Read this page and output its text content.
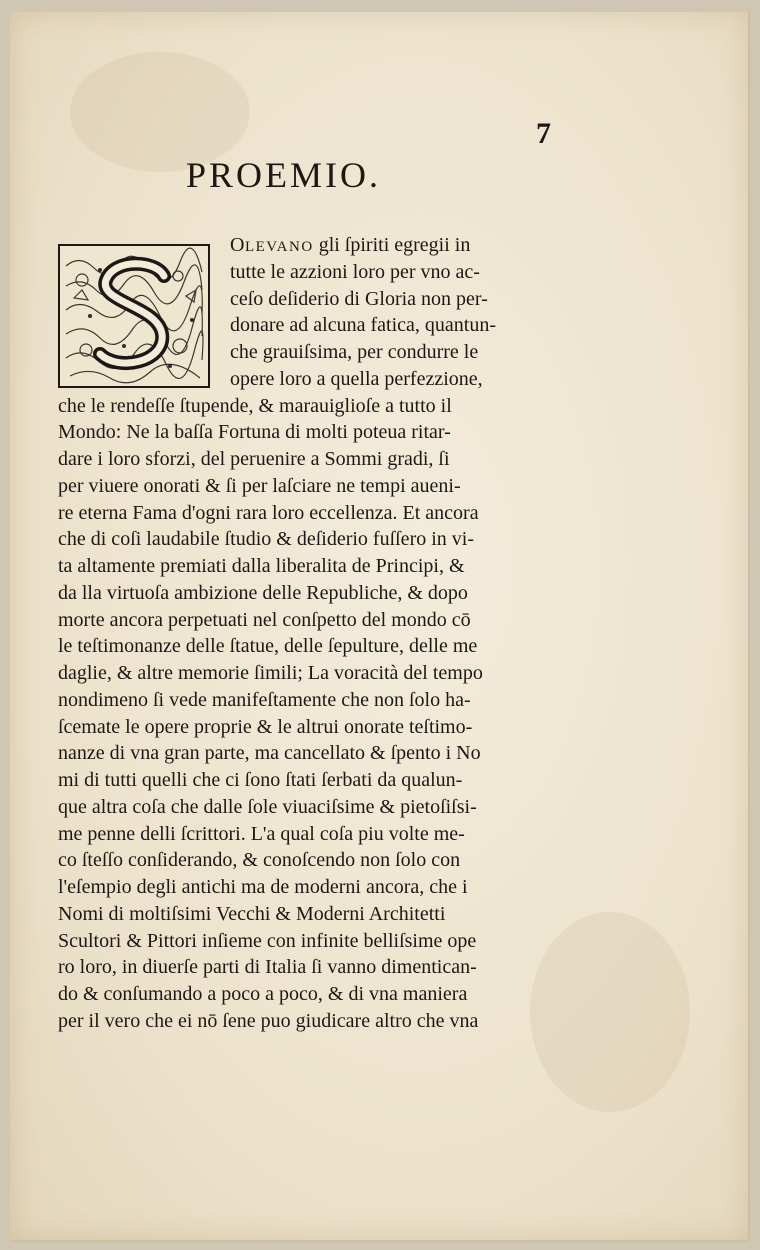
7
PROEMIO.
OLEVANO gli ſpiriti egregii in
tutte le azzioni loro per vno ac-
ceſo deſiderio di Gloria non per-
donare ad alcuna fatica, quantun-
che grauiſsima, per condurre le
opere loro a quella perfezzione,
che le rendeſſe ſtupende, & marauiglioſe a tutto il
Mondo: Ne la baſſa Fortuna di molti poteua ritar-
dare i loro sforzi, del peruenire a Sommi gradi, ſi
per viuere onorati & ſi per laſciare ne tempi aueni-
re eterna Fama d'ogni rara loro eccellenza. Et ancora
che di coſi laudabile ſtudio & deſiderio fuſſero in vi-
ta altamente premiati dalla liberalita de Principi, &
da lla virtuoſa ambizione delle Republiche, & dopo
morte ancora perpetuati nel conſpetto del mondo cō
le teſtimonanze delle ſtatue, delle ſepulture, delle me
daglie, & altre memorie ſimili; La voracità del tempo
nondimeno ſi vede manifeſtamente che non ſolo ha-
ſcemate le opere proprie & le altrui onorate teſtimo-
nanze di vna gran parte, ma cancellato & ſpento i No
mi di tutti quelli che ci ſono ſtati ſerbati da qualun-
que altra coſa che dalle ſole viuaciſsime & pietoſiſsi-
me penne delli ſcrittori. L'a qual coſa piu volte me-
co ſteſſo conſiderando, & conoſcendo non ſolo con
l'eſempio degli antichi ma de moderni ancora, che i
Nomi di moltiſsimi Vecchi & Moderni Architetti
Scultori & Pittori inſieme con infinite belliſsime ope
ro loro, in diuerſe parti di Italia ſi vanno dimentican-
do & conſumando a poco a poco, & di vna maniera
per il vero che ei nō ſene puo giudicare altro che vna
